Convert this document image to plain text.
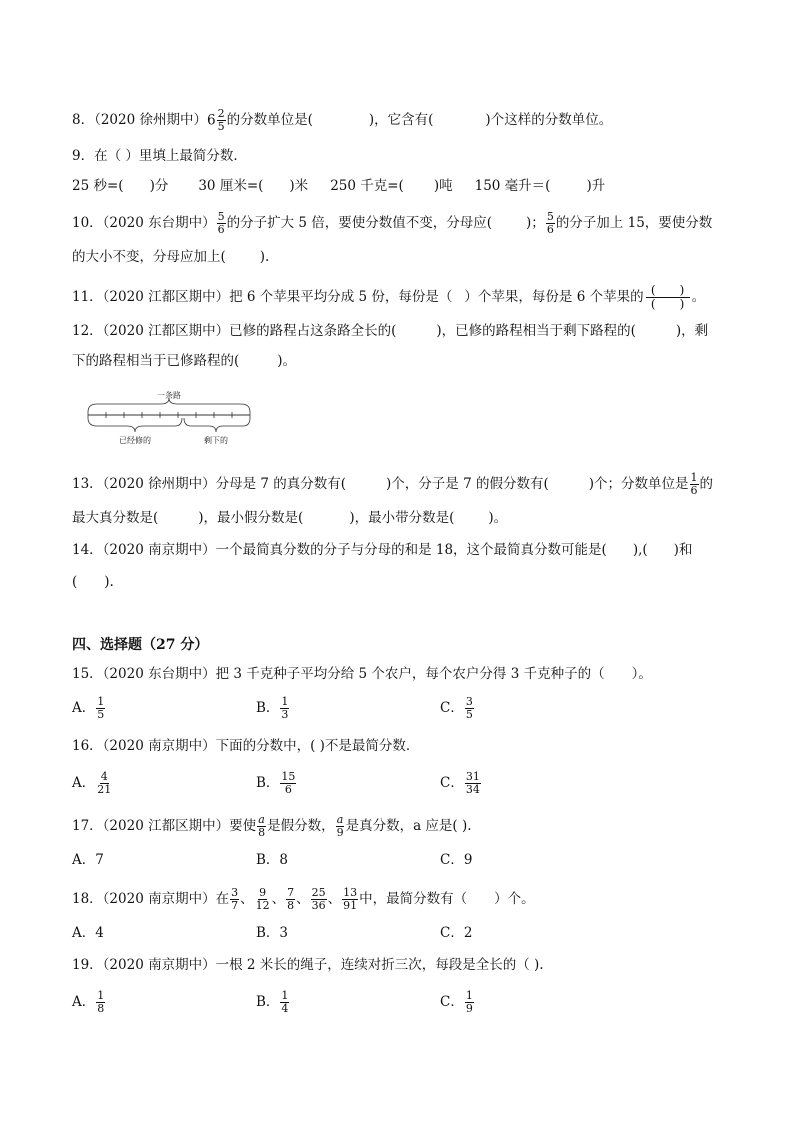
8．（2020 徐州期中）$6 \frac{2}{5}$ 的分数单位是(	)，它含有(	)个这样的分数单位。
9．在（ ）里填上最简分数．
25 秒=( )分 30 厘米=( )米 250 千克=( )吨 150 毫升＝(	)升
10．（2020 东台期中） $\frac{5}{6}$ 的分子扩大 5 倍，要使分数值不变，分母应(	)； $\frac{5}{6}$ 的分子加上 15，要使分数
的大小不变，分母应加上(	).
11．（2020 江都区期中）把 6 个苹果平均分成 5 份，每份是（ ）个苹果，每份是 6 个苹果的 (　　)
(　　) 。
12．（2020 江都区期中）已修的路程占这条路全长的(	)，已修的路程相当于剩下路程的(	)，剩
下的路程相当于已修路程的(	)。
一条路
已经修的	剩下的
13．（2020 徐州期中）分母是 7 的真分数有(	)个，分子是 7 的假分数有(	)个；分数单位是 $\frac{1}{6}$ 的
最大真分数是(	)，最小假分数是(	)，最小带分数是(	)。
14．（2020 南京期中）一个最简真分数的分子与分母的和是 18，这个最简真分数可能是( ),( )和
(　　).
四、选择题（27 分）
15．（2020 东台期中）把 3 千克种子平均分给 5 个农户，每个农户分得 3 千克种子的（　　）。
A． $\frac{1}{5}$	B． $\frac{1}{3}$	C． $\frac{3}{5}$
16．（2020 南京期中）下面的分数中，( )不是最简分数．
A． $\frac{4}{21}$	B． $\frac{15}{6}$	C． $\frac{31}{34}$
17．（2020 江都区期中）要使 $\frac{a}{8}$ 是假分数， $\frac{a}{9}$ 是真分数，a 应是( ).
A．7	B．8	C．9
18．（2020 南京期中）在 $\frac{3}{7}$ 、 $\frac{9}{12}$ 、 $\frac{7}{8}$ 、 $\frac{25}{36}$ 、 $\frac{13}{91}$ 中，最简分数有（　　）个。
A．4	B．3	C．2
19．（2020 南京期中）一根 2 米长的绳子，连续对折三次，每段是全长的（ ).
A． $\frac{1}{8}$	B． $\frac{1}{4}$	C． $\frac{1}{9}$
